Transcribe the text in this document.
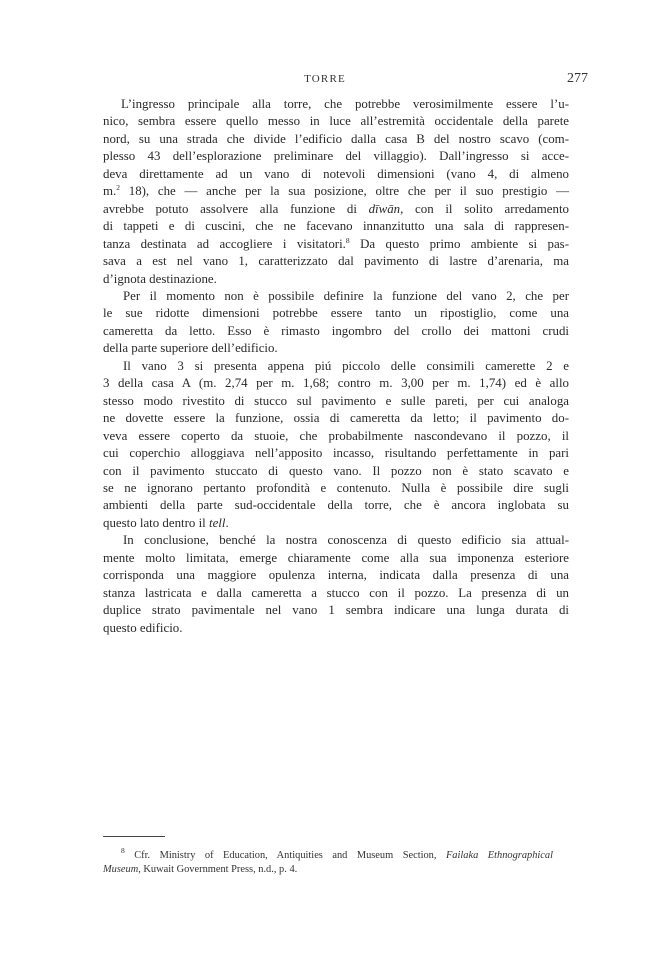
TORRE	277

L’ingresso principale alla torre, che potrebbe verosimilmente essere l’u-
nico, sembra essere quello messo in luce all’estremità occidentale della parete
nord, su una strada che divide l’edificio dalla casa B del nostro scavo (com-
plesso 43 dell’esplorazione preliminare del villaggio). Dall’ingresso si acce-
deva direttamente ad un vano di notevoli dimensioni (vano 4, di almeno
m.$^2$ 18), che — anche per la sua posizione, oltre che per il suo prestigio —
avrebbe potuto assolvere alla funzione di dīwān, con il solito arredamento
di tappeti e di cuscini, che ne facevano innanzitutto una sala di rappresen-
tanza destinata ad accogliere i visitatori.$^8$ Da questo primo ambiente si pas-
sava a est nel vano 1, caratterizzato dal pavimento di lastre d’arenaria, ma
d’ignota destinazione.

Per il momento non è possibile definire la funzione del vano 2, che per
le sue ridotte dimensioni potrebbe essere tanto un ripostiglio, come una
cameretta da letto. Esso è rimasto ingombro del crollo dei mattoni crudi
della parte superiore dell’edificio.

Il vano 3 si presenta appena piú piccolo delle consimili camerette 2 e
3 della casa A (m. 2,74 per m. 1,68; contro m. 3,00 per m. 1,74) ed è allo
stesso modo rivestito di stucco sul pavimento e sulle pareti, per cui analoga
ne dovette essere la funzione, ossia di cameretta da letto; il pavimento do-
veva essere coperto da stuoie, che probabilmente nascondevano il pozzo, il
cui coperchio alloggiava nell’apposito incasso, risultando perfettamente in pari
con il pavimento stuccato di questo vano. Il pozzo non è stato scavato e
se ne ignorano pertanto profondità e contenuto. Nulla è possibile dire sugli
ambienti della parte sud-occidentale della torre, che è ancora inglobata su
questo lato dentro il tell.

In conclusione, benché la nostra conoscenza di questo edificio sia attual-
mente molto limitata, emerge chiaramente come alla sua imponenza esteriore
corrisponda una maggiore opulenza interna, indicata dalla presenza di una
stanza lastricata e dalla cameretta a stucco con il pozzo. La presenza di un
duplice strato pavimentale nel vano 1 sembra indicare una lunga durata di
questo edificio.

$^8$ Cfr. Ministry of Education, Antiquities and Museum Section, Failaka Ethnographical
Museum, Kuwait Government Press, n.d., p. 4.
